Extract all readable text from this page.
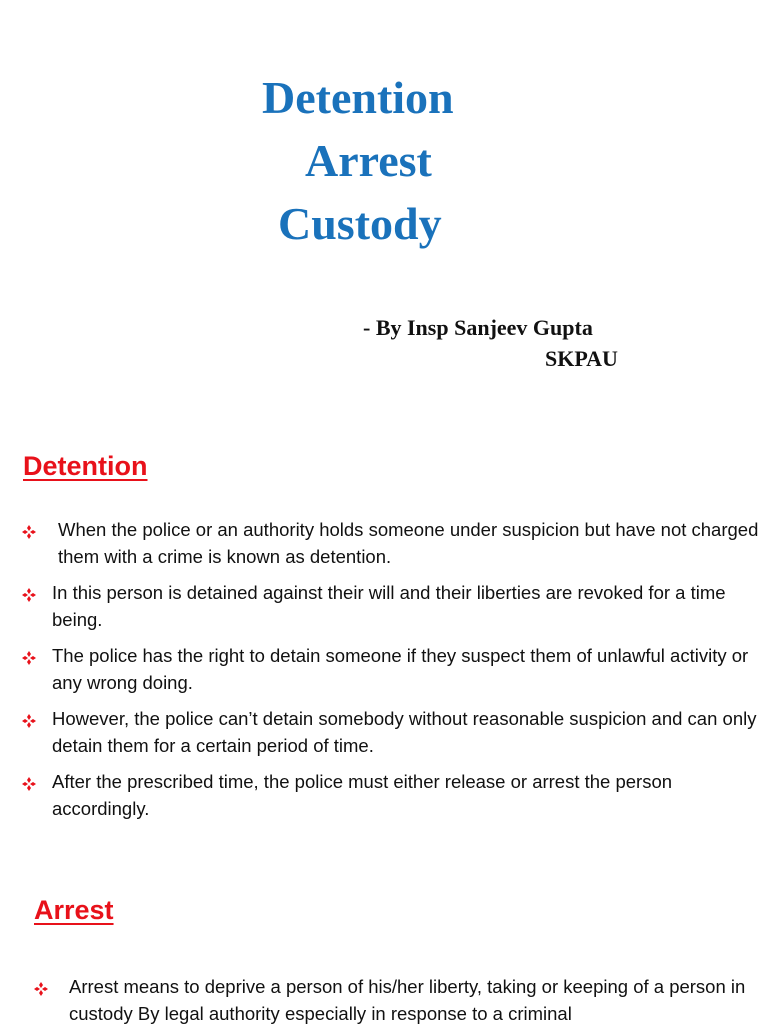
Detention
Arrest
Custody
- By Insp Sanjeev Gupta
SKPAU
Detention
When the police or an authority holds someone under suspicion but have not charged them with a crime is known as detention.
In this person is detained against their will and their liberties are revoked for a time being.
The police has the right to detain someone if they suspect them of unlawful activity or any wrong doing.
However, the police can’t detain somebody without reasonable suspicion and can only detain them for a certain period of time.
After the prescribed time, the police must either release or arrest the person accordingly.
Arrest
Arrest means to deprive a person of his/her liberty, taking or keeping of a person in custody By legal authority especially in response to a criminal
